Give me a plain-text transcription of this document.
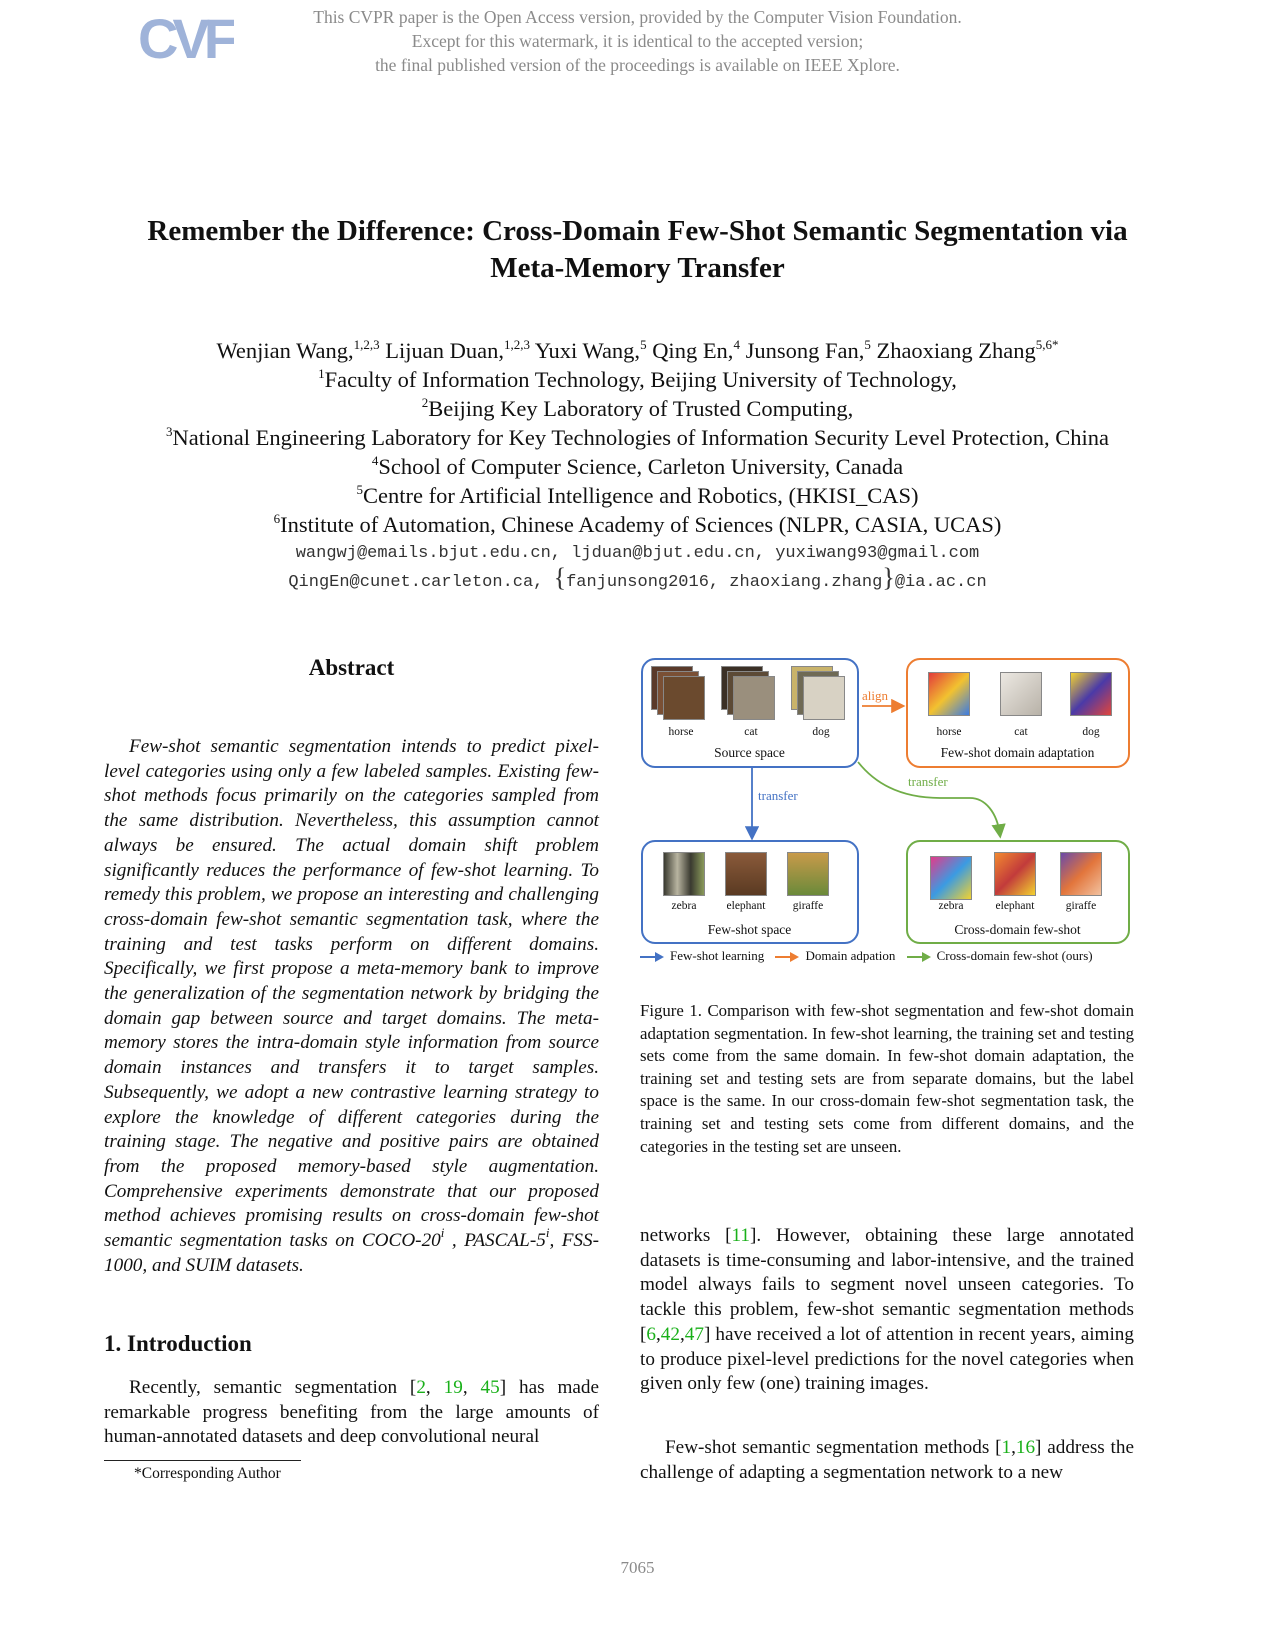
CVF	This CVPR paper is the Open Access version, provided by the Computer Vision Foundation.
Except for this watermark, it is identical to the accepted version;
the final published version of the proceedings is available on IEEE Xplore.
Remember the Difference: Cross-Domain Few-Shot Semantic Segmentation via
Meta-Memory Transfer
Wenjian Wang,$^{1,2,3}$ Lijuan Duan,$^{1,2,3}$ Yuxi Wang,$^5$ Qing En,$^4$ Junsong Fan,$^5$ Zhaoxiang Zhang$^{5,6*}$
$^1$Faculty of Information Technology, Beijing University of Technology,
$^2$Beijing Key Laboratory of Trusted Computing,
$^3$National Engineering Laboratory for Key Technologies of Information Security Level Protection, China
$^4$School of Computer Science, Carleton University, Canada
$^5$Centre for Artificial Intelligence and Robotics, (HKISI_CAS)
$^6$Institute of Automation, Chinese Academy of Sciences (NLPR, CASIA, UCAS)
wangwj@emails.bjut.edu.cn, ljduan@bjut.edu.cn, yuxiwang93@gmail.com
QingEn@cunet.carleton.ca, {fanjunsong2016, zhaoxiang.zhang}@ia.ac.cn
Abstract
Few-shot semantic segmentation intends to predict pixel-level categories using only a few labeled samples. Existing few-shot methods focus primarily on the categories sampled from the same distribution. Nevertheless, this assumption cannot always be ensured. The actual domain shift problem significantly reduces the performance of few-shot learning. To remedy this problem, we propose an interesting and challenging cross-domain few-shot semantic segmentation task, where the training and test tasks perform on different domains. Specifically, we first propose a meta-memory bank to improve the generalization of the segmentation network by bridging the domain gap between source and target domains. The meta-memory stores the intra-domain style information from source domain instances and transfers it to target samples. Subsequently, we adopt a new contrastive learning strategy to explore the knowledge of different categories during the training stage. The negative and positive pairs are obtained from the proposed memory-based style augmentation. Comprehensive experiments demonstrate that our proposed method achieves promising results on cross-domain few-shot semantic segmentation tasks on COCO-20$^i$ , PASCAL-5$^i$, FSS-1000, and SUIM datasets.
1. Introduction
Recently, semantic segmentation [2, 19, 45] has made remarkable progress benefiting from the large amounts of human-annotated datasets and deep convolutional neural
*Corresponding Author
horse	cat	dog
Source space
align
horse	cat	dog
Few-shot domain adaptation
transfer
transfer
zebra	elephant	giraffe
Few-shot space
zebra	elephant	giraffe
Cross-domain few-shot
Few-shot learning	Domain adpation	Cross-domain few-shot (ours)
Figure 1. Comparison with few-shot segmentation and few-shot domain adaptation segmentation. In few-shot learning, the training set and testing sets come from the same domain. In few-shot domain adaptation, the training set and testing sets are from separate domains, but the label space is the same. In our cross-domain few-shot segmentation task, the training set and testing sets come from different domains, and the categories in the testing set are unseen.
networks [11]. However, obtaining these large annotated datasets is time-consuming and labor-intensive, and the trained model always fails to segment novel unseen categories. To tackle this problem, few-shot semantic segmentation methods [6,42,47] have received a lot of attention in recent years, aiming to produce pixel-level predictions for the novel categories when given only few (one) training images.
Few-shot semantic segmentation methods [1,16] address the challenge of adapting a segmentation network to a new
7065
